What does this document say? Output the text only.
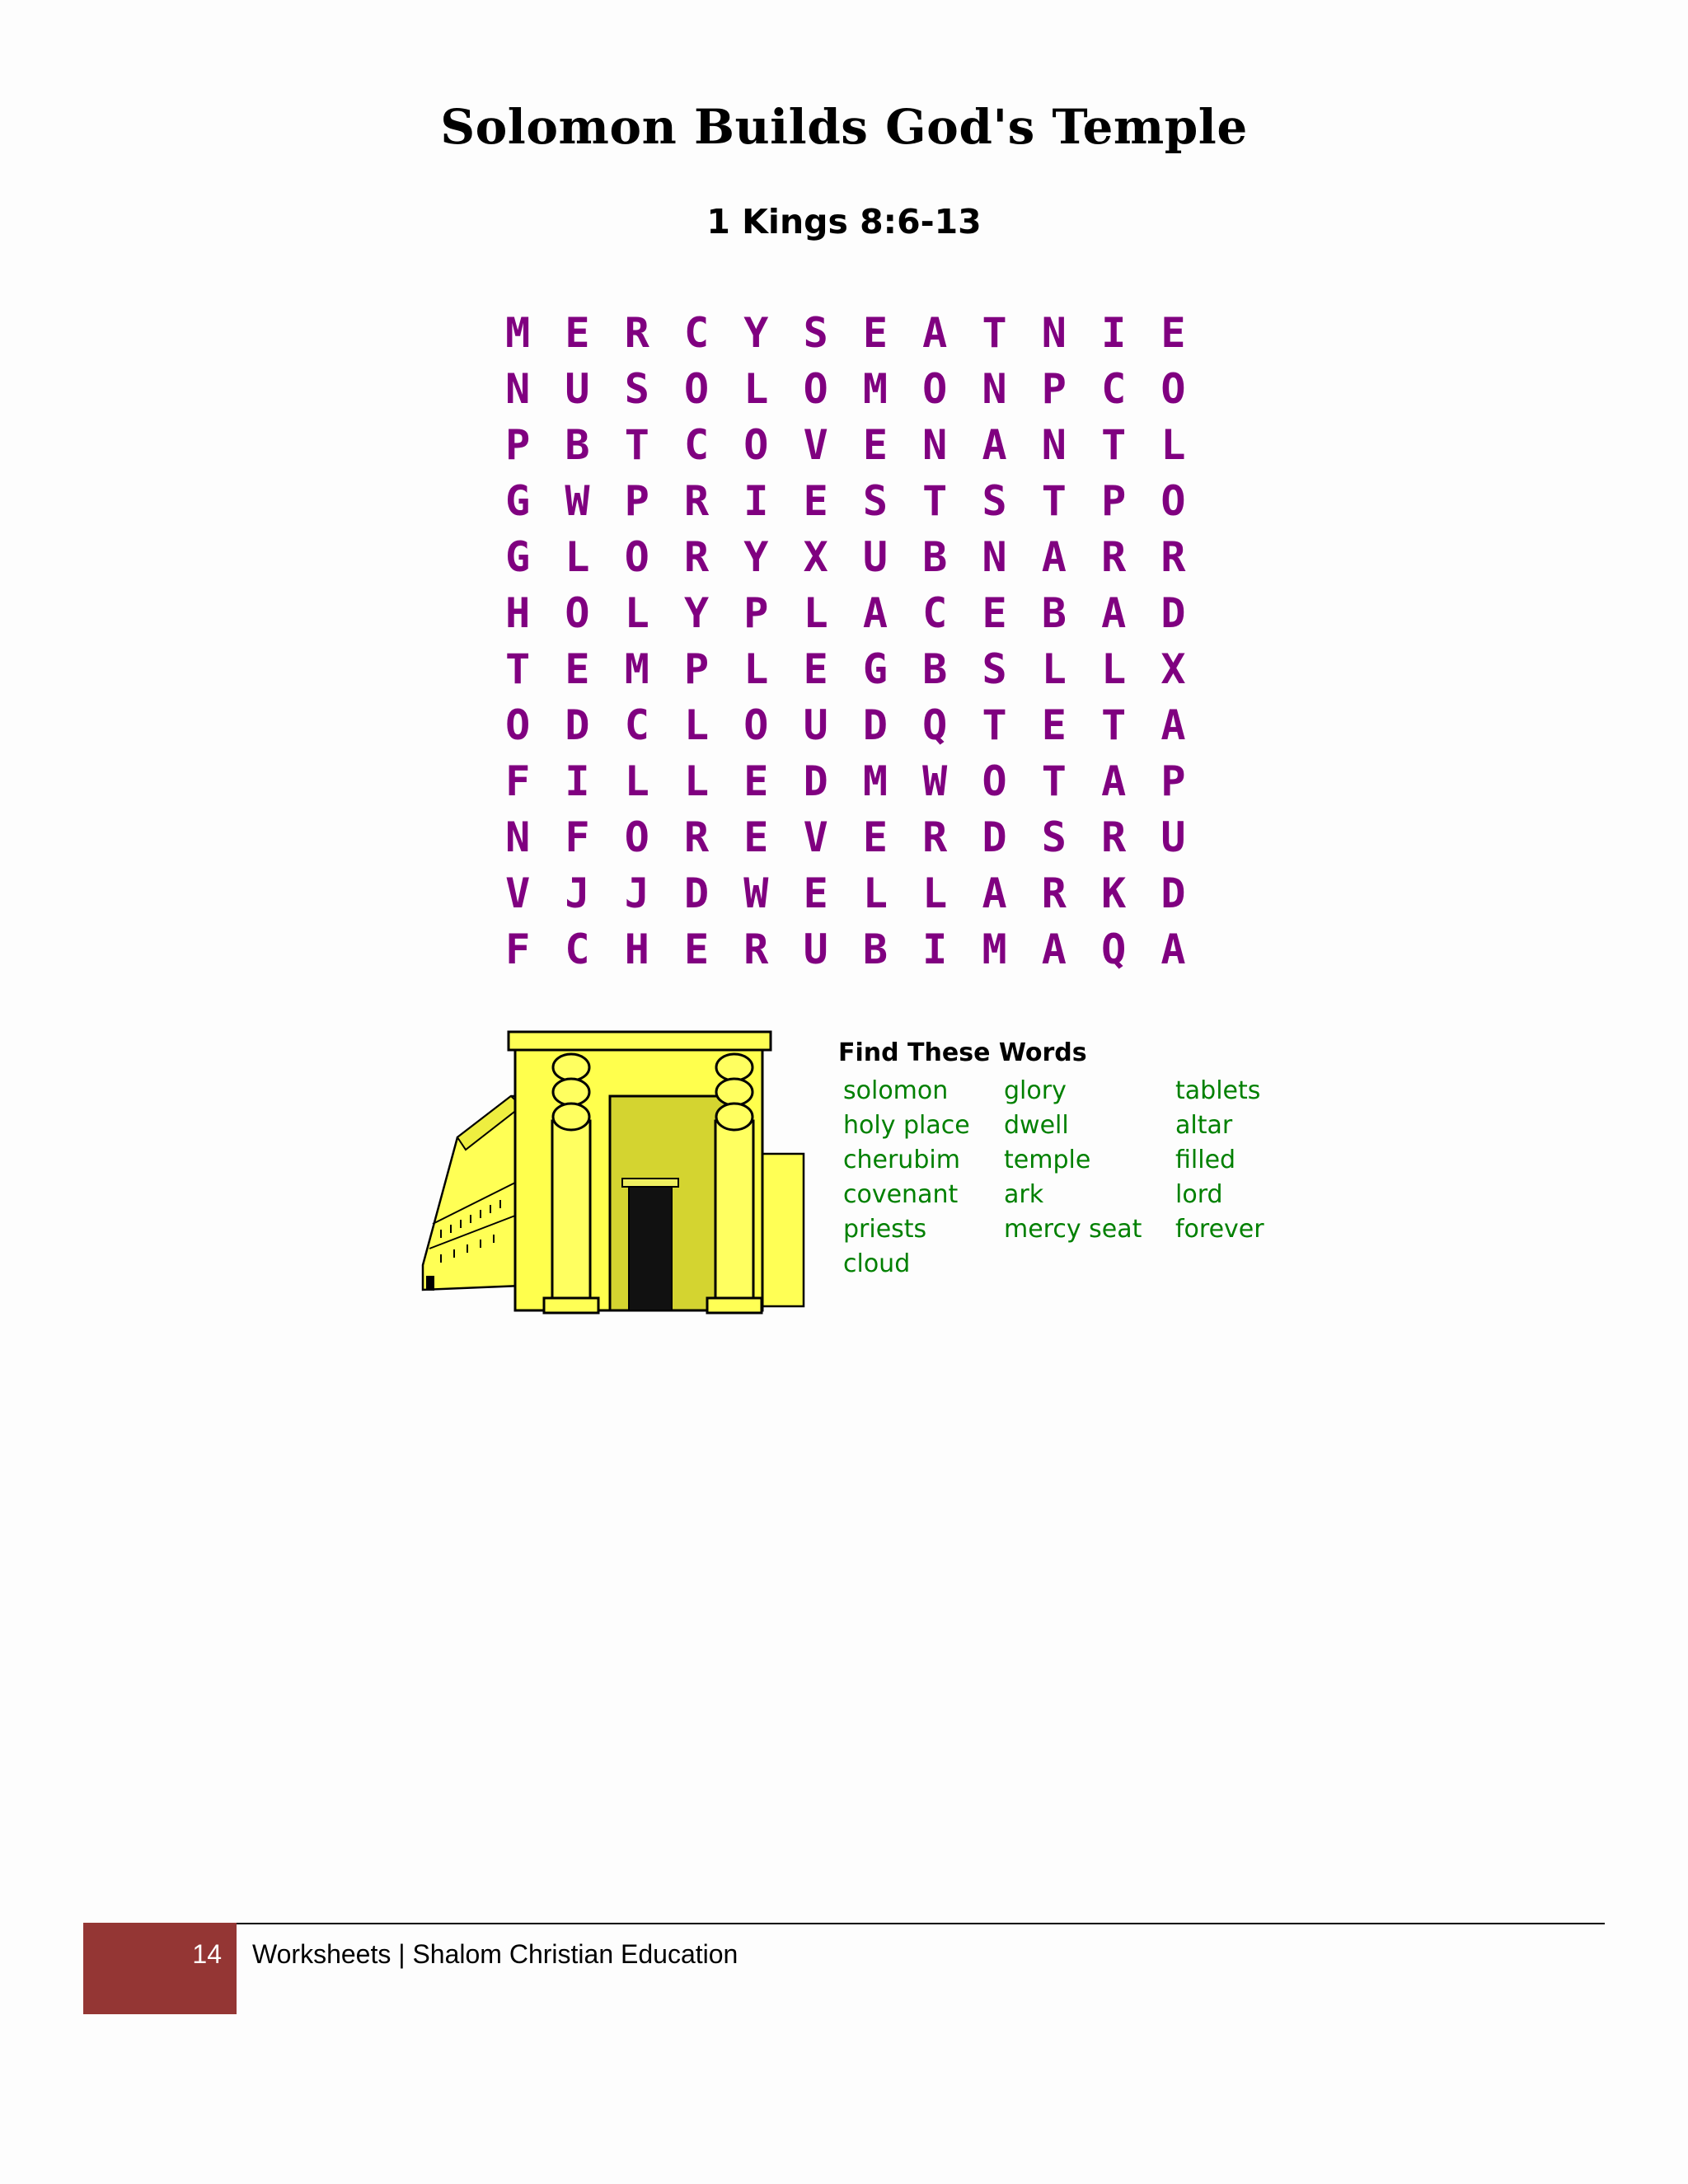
Solomon Builds God's Temple
1 Kings 8:6-13
M E R C Y S E A T N I E
N U S O L O M O N P C O
P B T C O V E N A N T L
G W P R I E S T S T P O
G L O R Y X U B N A R R
H O L Y P L A C E B A D
T E M P L E G B S L L X
O D C L O U D Q T E T A
F I L L E D M W O T A P
N F O R E V E R D S R U
V J J D W E L L A R K D
F C H E R U B I M A Q A
Find These Words
solomon	glory	tablets
holy place	dwell	altar
cherubim	temple	filled
covenant	ark	lord
priests	mercy seat	forever
cloud
14 Worksheets | Shalom Christian Education
